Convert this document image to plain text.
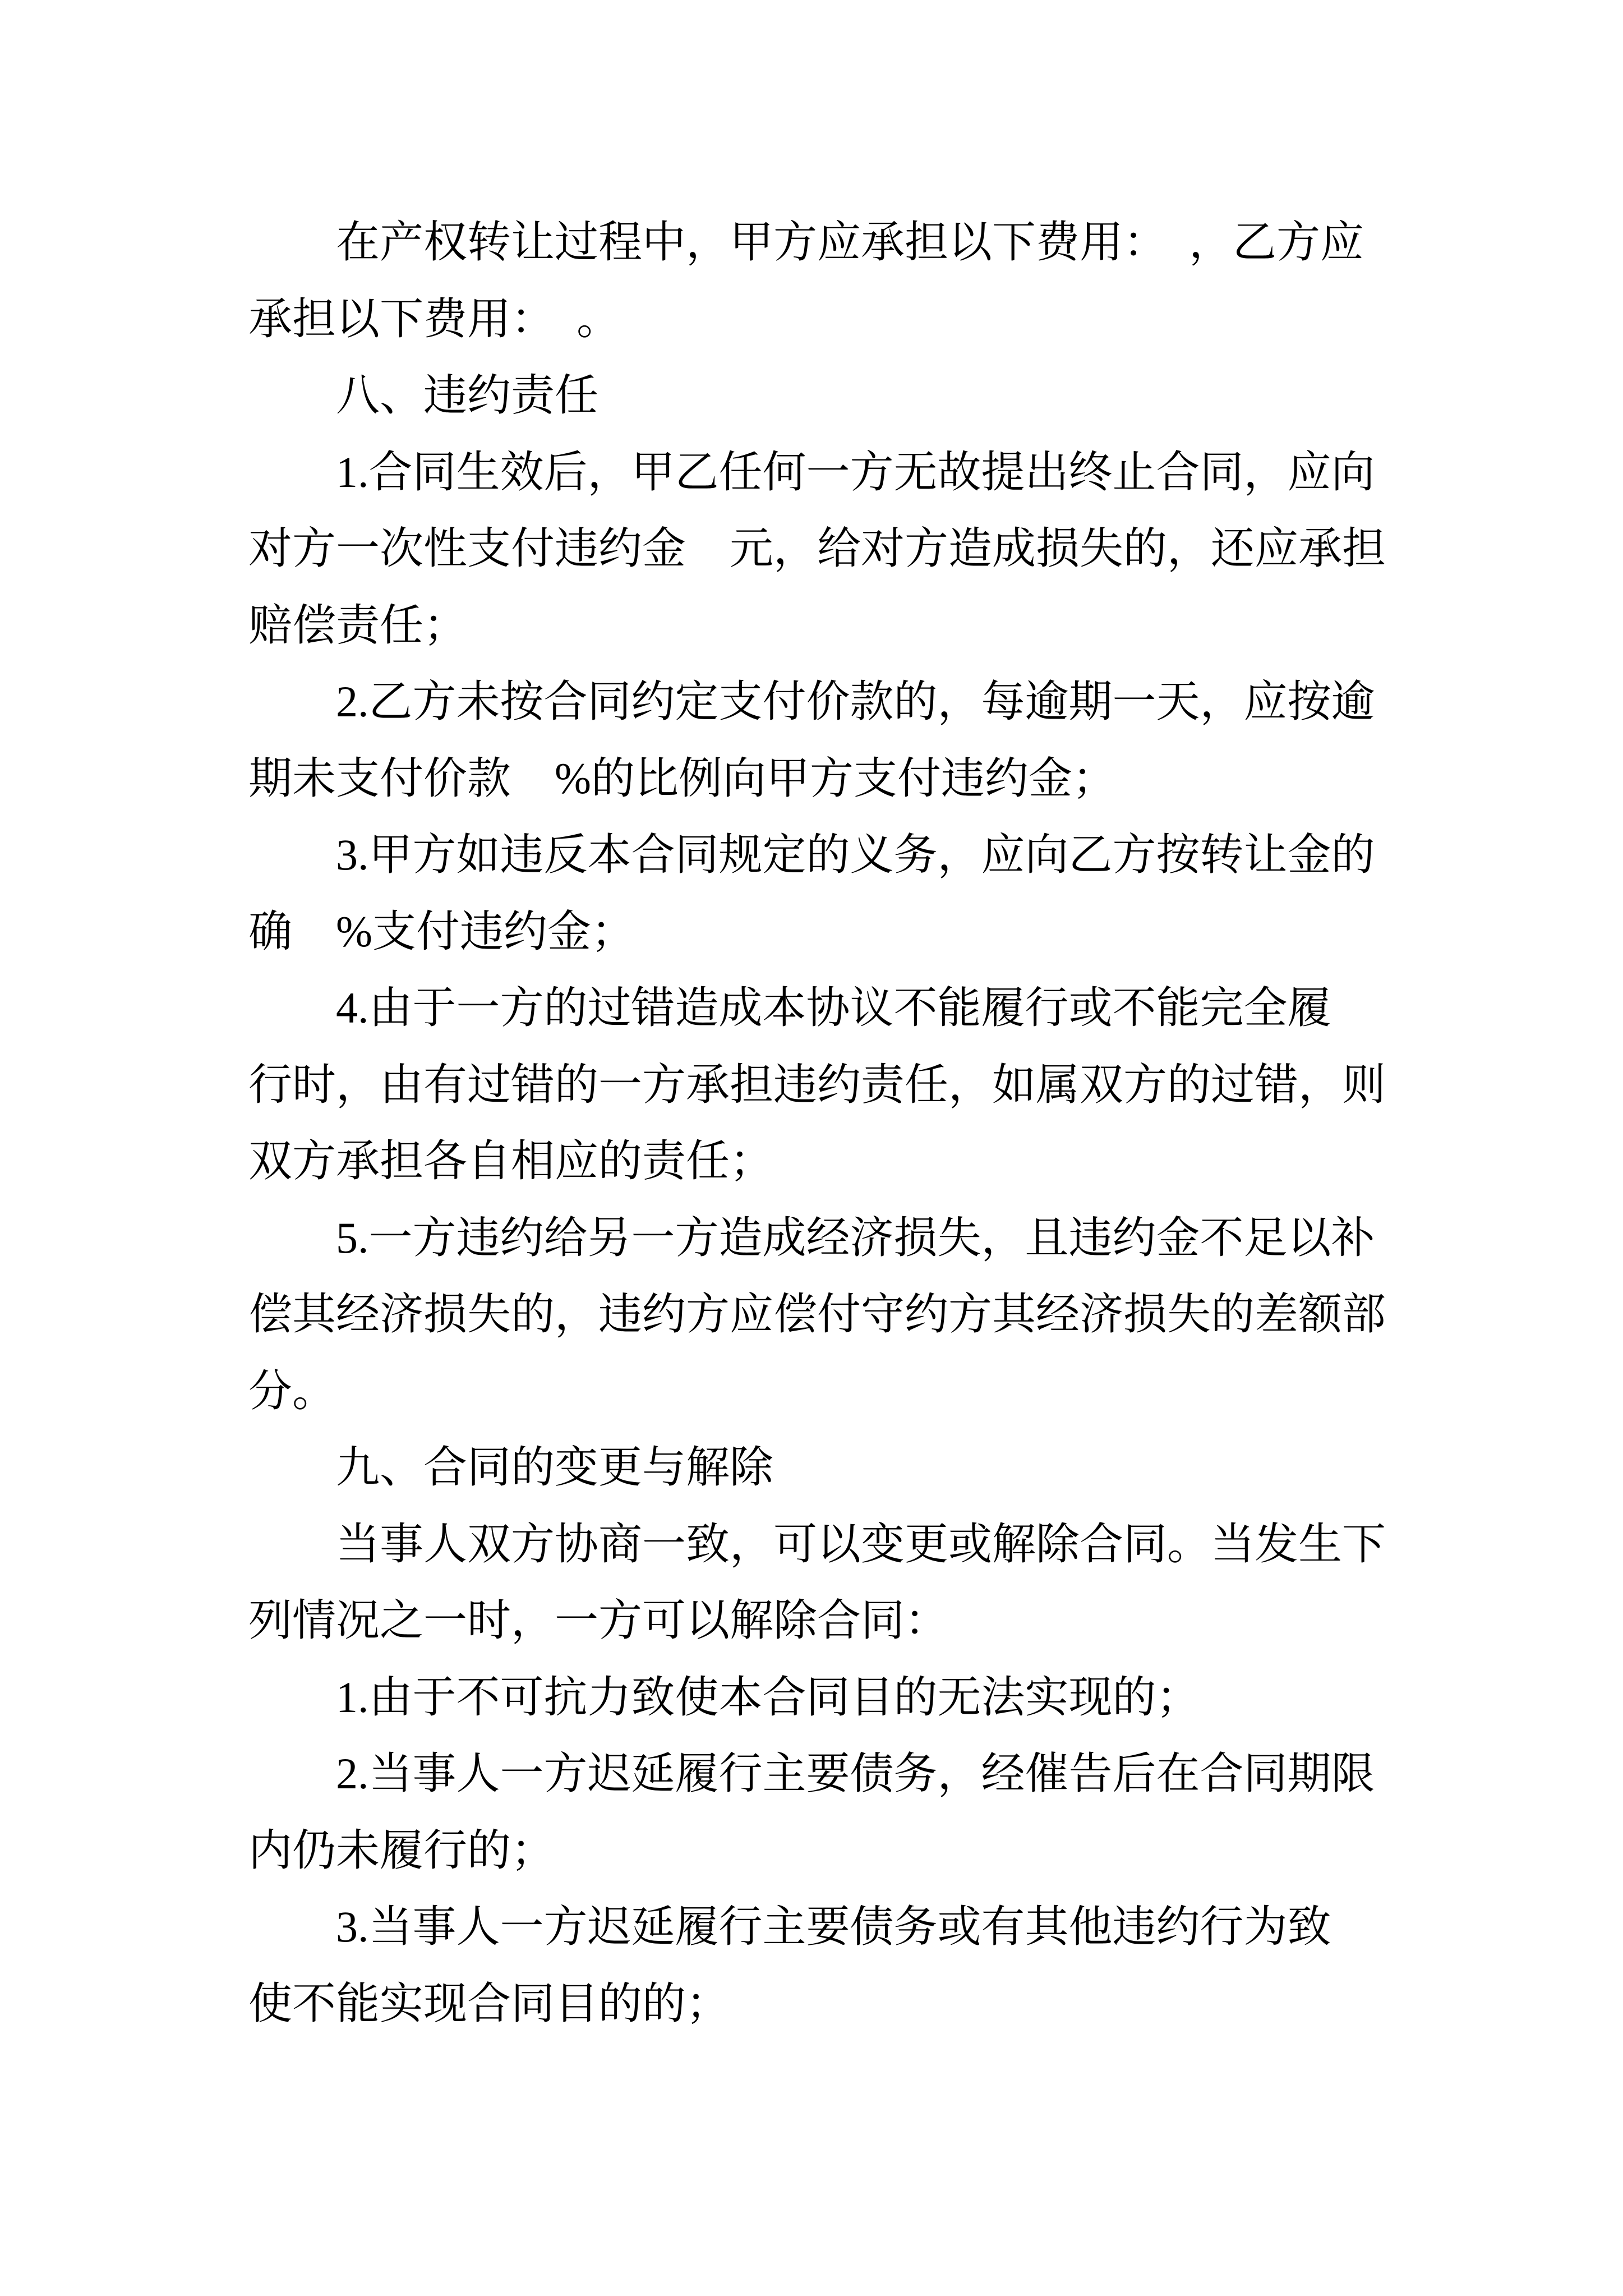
在产权转让过程中，甲方应承担以下费用：　，乙方应
承担以下费用：　。
八、违约责任
1.合同生效后，甲乙任何一方无故提出终止合同，应向
对方一次性支付违约金　元，给对方造成损失的，还应承担
赔偿责任；
2.乙方未按合同约定支付价款的，每逾期一天，应按逾
期未支付价款　%的比例向甲方支付违约金；
3.甲方如违反本合同规定的义务，应向乙方按转让金的
确　%支付违约金；
4.由于一方的过错造成本协议不能履行或不能完全履
行时，由有过错的一方承担违约责任，如属双方的过错，则
双方承担各自相应的责任；
5.一方违约给另一方造成经济损失，且违约金不足以补
偿其经济损失的，违约方应偿付守约方其经济损失的差额部
分。
九、合同的变更与解除
当事人双方协商一致，可以变更或解除合同。当发生下
列情况之一时，一方可以解除合同：
1.由于不可抗力致使本合同目的无法实现的；
2.当事人一方迟延履行主要债务，经催告后在合同期限
内仍未履行的；
3.当事人一方迟延履行主要债务或有其他违约行为致
使不能实现合同目的的；
